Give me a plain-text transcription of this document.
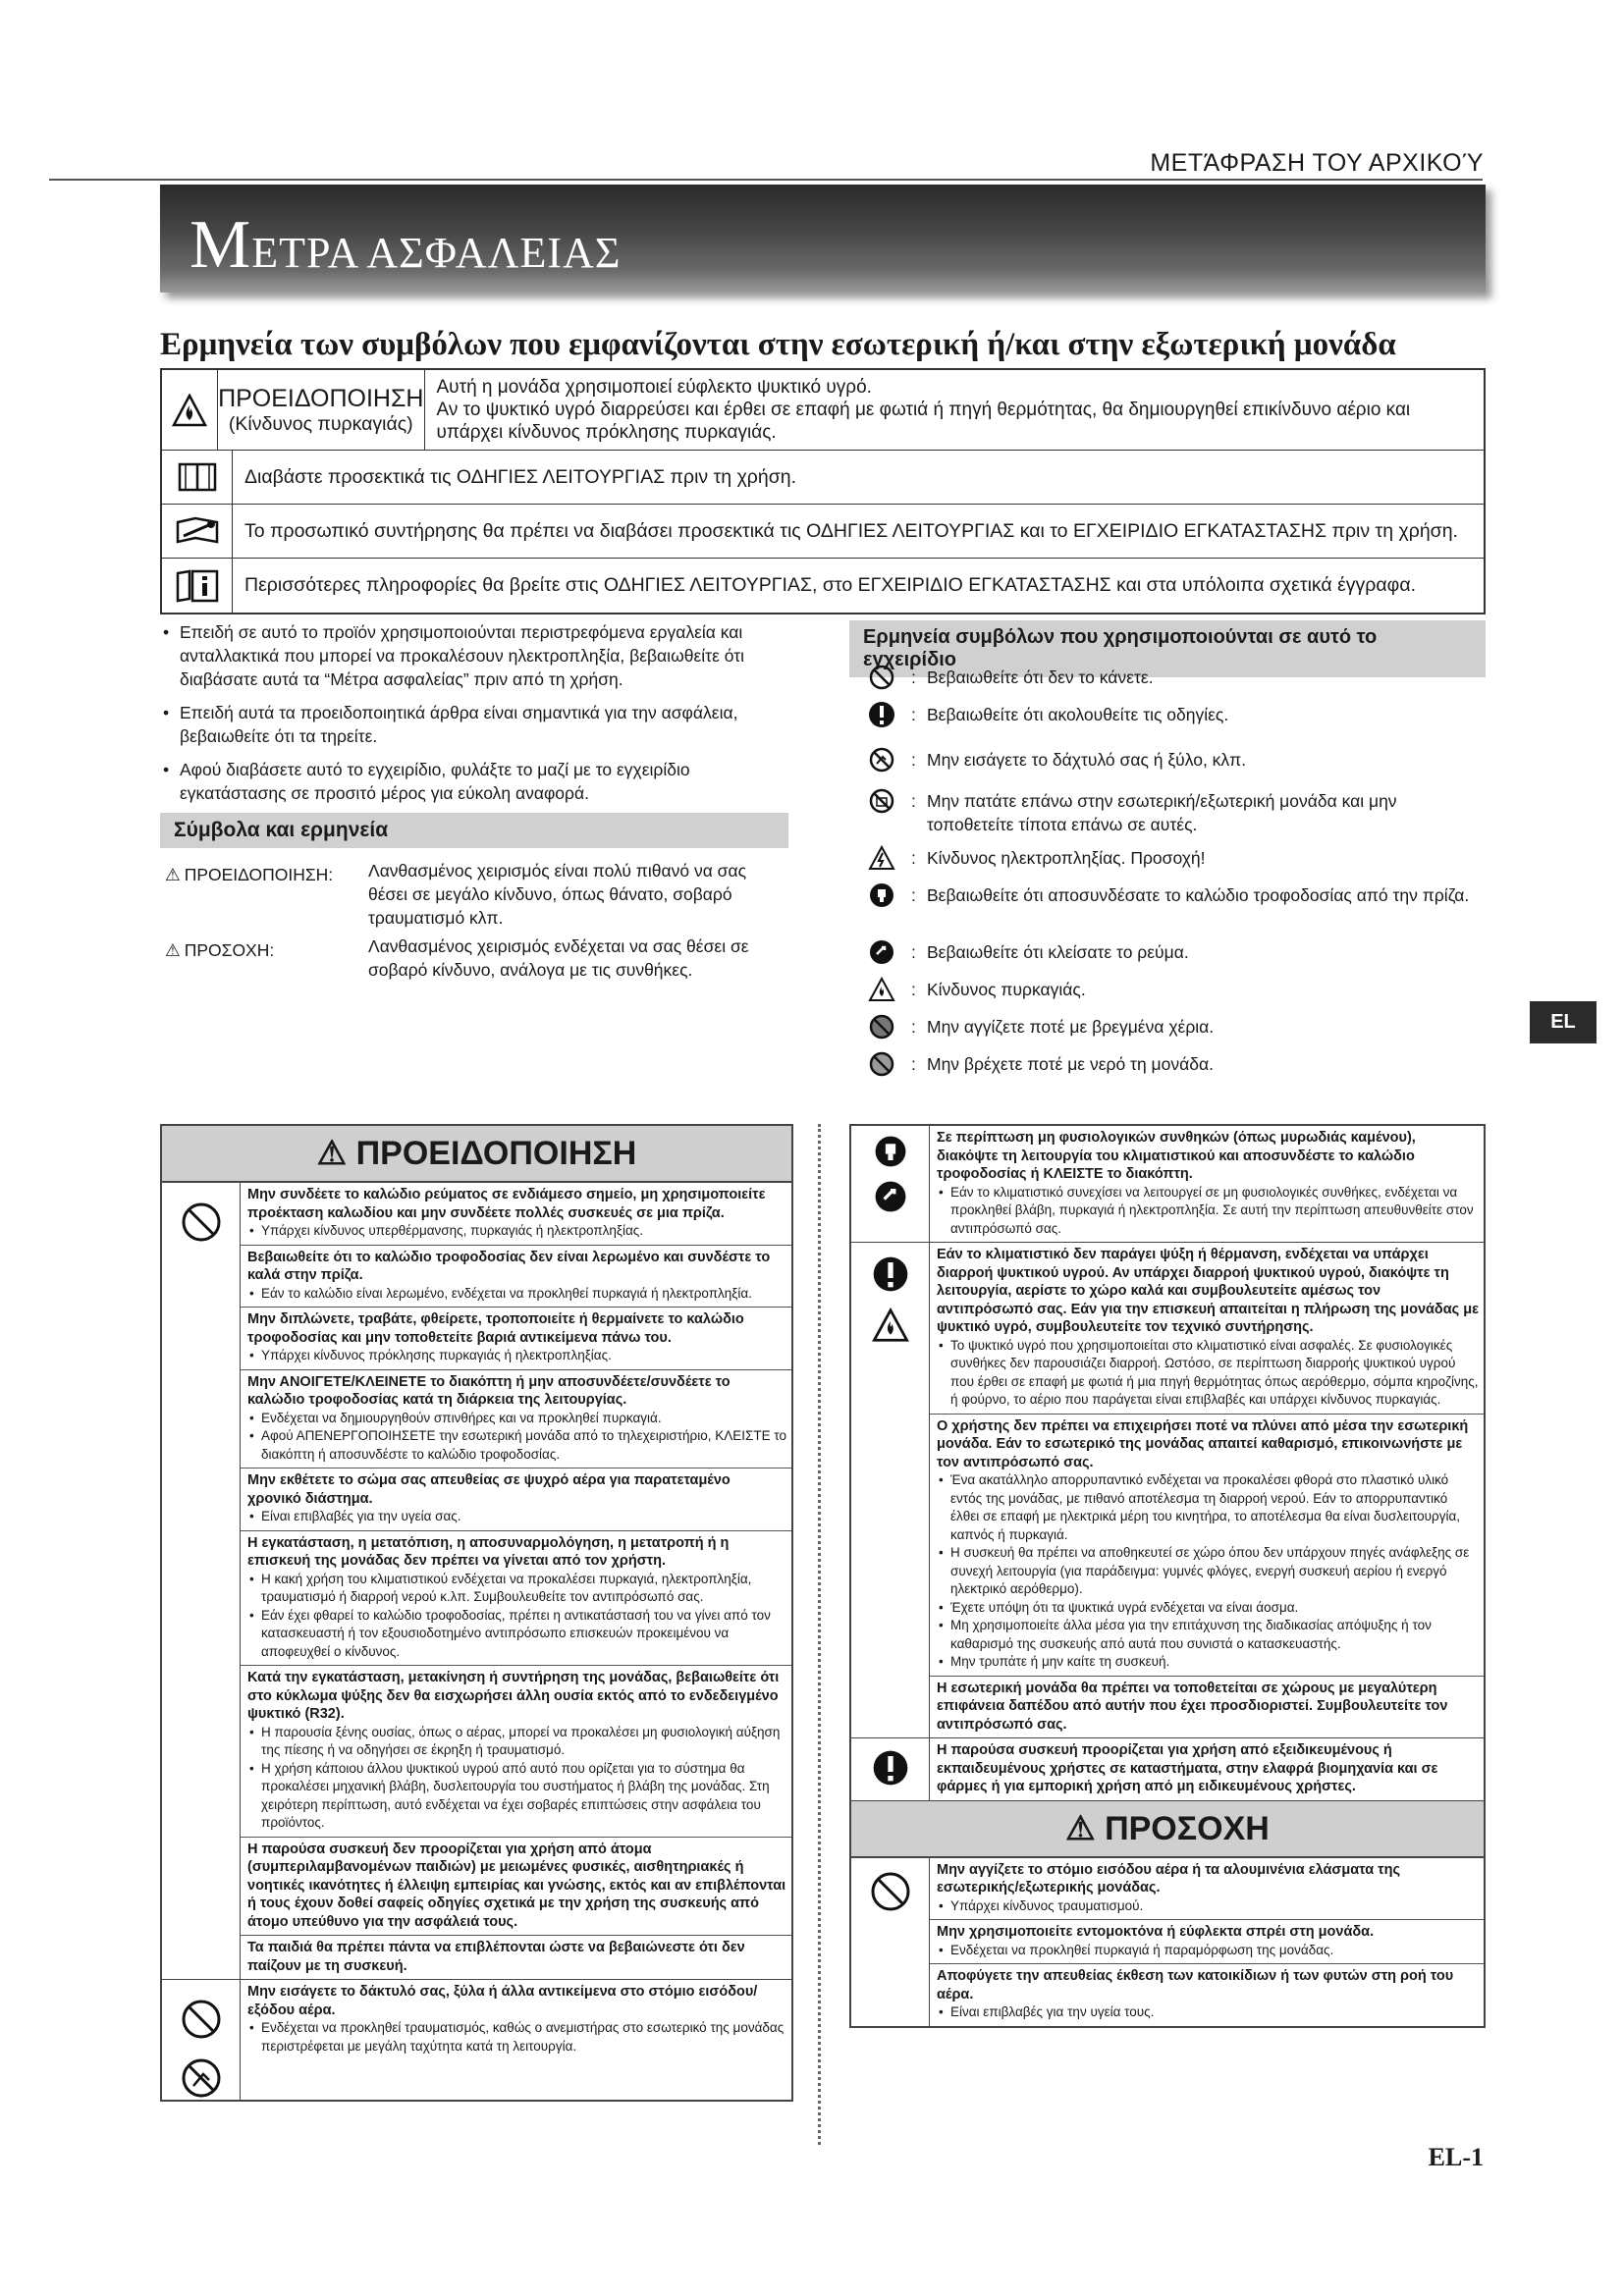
ΜΕΤΆΦΡΑΣΗ ΤΟΥ ΑΡΧΙΚΟΎ
ΜΕΤΡΑ ΑΣΦΑΛΕΙΑΣ
Ερμηνεία των συμβόλων που εμφανίζονται στην εσωτερική ή/και στην εξωτερική μονάδα
ΠΡΟΕΙΔΟΠΟΙΗΣΗ
(Κίνδυνος πυρκαγιάς)
Αυτή η μονάδα χρησιμοποιεί εύφλεκτο ψυκτικό υγρό.
Αν το ψυκτικό υγρό διαρρεύσει και έρθει σε επαφή με φωτιά ή πηγή θερμότητας, θα δημιουργηθεί επικίνδυνο αέριο και υπάρχει κίνδυνος πρόκλησης πυρκαγιάς.
Διαβάστε προσεκτικά τις ΟΔΗΓΙΕΣ ΛΕΙΤΟΥΡΓΙΑΣ πριν τη χρήση.
Το προσωπικό συντήρησης θα πρέπει να διαβάσει προσεκτικά τις ΟΔΗΓΙΕΣ ΛΕΙΤΟΥΡΓΙΑΣ και το ΕΓΧΕΙΡΙΔΙΟ ΕΓΚΑΤΑΣΤΑΣΗΣ πριν τη χρήση.
Περισσότερες πληροφορίες θα βρείτε στις ΟΔΗΓΙΕΣ ΛΕΙΤΟΥΡΓΙΑΣ, στο ΕΓΧΕΙΡΙΔΙΟ ΕΓΚΑΤΑΣΤΑΣΗΣ και στα υπόλοιπα σχετικά έγγραφα.
• Επειδή σε αυτό το προϊόν χρησιμοποιούνται περιστρεφόμενα εργαλεία και ανταλλακτικά που μπορεί να προκαλέσουν ηλεκτροπληξία, βεβαιωθείτε ότι διαβάσατε αυτά τα “Μέτρα ασφαλείας” πριν από τη χρήση.
• Επειδή αυτά τα προειδοποιητικά άρθρα είναι σημαντικά για την ασφάλεια, βεβαιωθείτε ότι τα τηρείτε.
• Αφού διαβάσετε αυτό το εγχειρίδιο, φυλάξτε το μαζί με το εγχειρίδιο εγκατάστασης σε προσιτό μέρος για εύκολη αναφορά.
Σύμβολα και ερμηνεία
⚠ ΠΡΟΕΙΔΟΠΟΙΗΣΗ: Λανθασμένος χειρισμός είναι πολύ πιθανό να σας θέσει σε μεγάλο κίνδυνο, όπως θάνατο, σοβαρό τραυματισμό κλπ.
⚠ ΠΡΟΣΟΧΗ:	Λανθασμένος χειρισμός ενδέχεται να σας θέσει σε σοβαρό κίνδυνο, ανάλογα με τις συνθήκες.
Ερμηνεία συμβόλων που χρησιμοποιούνται σε αυτό το εγχειρίδιο
: Βεβαιωθείτε ότι δεν το κάνετε.
: Βεβαιωθείτε ότι ακολουθείτε τις οδηγίες.
: Μην εισάγετε το δάχτυλό σας ή ξύλο, κλπ.
: Μην πατάτε επάνω στην εσωτερική/εξωτερική μονάδα και μην τοποθετείτε τίποτα επάνω σε αυτές.
: Κίνδυνος ηλεκτροπληξίας. Προσοχή!
: Βεβαιωθείτε ότι αποσυνδέσατε το καλώδιο τροφοδοσίας από την πρίζα.
: Βεβαιωθείτε ότι κλείσατε το ρεύμα.
: Κίνδυνος πυρκαγιάς.
: Μην αγγίζετε ποτέ με βρεγμένα χέρια.
: Μην βρέχετε ποτέ με νερό τη μονάδα.
EL
⚠ ΠΡΟΕΙΔΟΠΟΙΗΣΗ
Μην συνδέετε το καλώδιο ρεύματος σε ενδιάμεσο σημείο, μη χρησιμοποιείτε προέκταση καλωδίου και μην συνδέετε πολλές συσκευές σε μια πρίζα.
• Υπάρχει κίνδυνος υπερθέρμανσης, πυρκαγιάς ή ηλεκτροπληξίας.
Βεβαιωθείτε ότι το καλώδιο τροφοδοσίας δεν είναι λερωμένο και συνδέστε το καλά στην πρίζα.
• Εάν το καλώδιο είναι λερωμένο, ενδέχεται να προκληθεί πυρκαγιά ή ηλεκτροπληξία.
Μην διπλώνετε, τραβάτε, φθείρετε, τροποποιείτε ή θερμαίνετε το καλώδιο τροφοδοσίας και μην τοποθετείτε βαριά αντικείμενα πάνω του.
• Υπάρχει κίνδυνος πρόκλησης πυρκαγιάς ή ηλεκτροπληξίας.
Μην ΑΝΟΙΓΕΤΕ/ΚΛΕΙΝΕΤΕ το διακόπτη ή μην αποσυνδέετε/συνδέετε το καλώδιο τροφοδοσίας κατά τη διάρκεια της λειτουργίας.
• Ενδέχεται να δημιουργηθούν σπινθήρες και να προκληθεί πυρκαγιά.
• Αφού ΑΠΕΝΕΡΓΟΠΟΙΗΣΕΤΕ την εσωτερική μονάδα από το τηλεχειριστήριο, ΚΛΕΙΣΤΕ το διακόπτη ή αποσυνδέστε το καλώδιο τροφοδοσίας.
Μην εκθέτετε το σώμα σας απευθείας σε ψυχρό αέρα για παρατεταμένο χρονικό διάστημα.
• Είναι επιβλαβές για την υγεία σας.
Η εγκατάσταση, η μετατόπιση, η αποσυναρμολόγηση, η μετατροπή ή η επισκευή της μονάδας δεν πρέπει να γίνεται από τον χρήστη.
• Η κακή χρήση του κλιματιστικού ενδέχεται να προκαλέσει πυρκαγιά, ηλεκτροπληξία, τραυματισμό ή διαρροή νερού κ.λπ. Συμβουλευθείτε τον αντιπρόσωπό σας.
• Εάν έχει φθαρεί το καλώδιο τροφοδοσίας, πρέπει η αντικατάστασή του να γίνει από τον κατασκευαστή ή τον εξουσιοδοτημένο αντιπρόσωπο επισκευών προκειμένου να αποφευχθεί ο κίνδυνος.
Κατά την εγκατάσταση, μετακίνηση ή συντήρηση της μονάδας, βεβαιωθείτε ότι στο κύκλωμα ψύξης δεν θα εισχωρήσει άλλη ουσία εκτός από το ενδεδειγμένο ψυκτικό (R32).
• Η παρουσία ξένης ουσίας, όπως ο αέρας, μπορεί να προκαλέσει μη φυσιολογική αύξηση της πίεσης ή να οδηγήσει σε έκρηξη ή τραυματισμό.
• Η χρήση κάποιου άλλου ψυκτικού υγρού από αυτό που ορίζεται για το σύστημα θα προκαλέσει μηχανική βλάβη, δυσλειτουργία του συστήματος ή βλάβη της μονάδας. Στη χειρότερη περίπτωση, αυτό ενδέχεται να έχει σοβαρές επιπτώσεις στην ασφάλεια του προϊόντος.
Η παρούσα συσκευή δεν προορίζεται για χρήση από άτομα (συμπεριλαμβανομένων παιδιών) με μειωμένες φυσικές, αισθητηριακές ή νοητικές ικανότητες ή έλλειψη εμπειρίας και γνώσης, εκτός και αν επιβλέπονται ή τους έχουν δοθεί σαφείς οδηγίες σχετικά με την χρήση της συσκευής από άτομο υπεύθυνο για την ασφάλειά τους.
Τα παιδιά θα πρέπει πάντα να επιβλέπονται ώστε να βεβαιώνεστε ότι δεν παίζουν με τη συσκευή.
Μην εισάγετε το δάκτυλό σας, ξύλα ή άλλα αντικείμενα στο στόμιο εισόδου/εξόδου αέρα.
• Ενδέχεται να προκληθεί τραυματισμός, καθώς ο ανεμιστήρας στο εσωτερικό της μονάδας περιστρέφεται με μεγάλη ταχύτητα κατά τη λειτουργία.
Σε περίπτωση μη φυσιολογικών συνθηκών (όπως μυρωδιάς καμένου), διακόψτε τη λειτουργία του κλιματιστικού και αποσυνδέστε το καλώδιο τροφοδοσίας ή ΚΛΕΙΣΤΕ το διακόπτη.
• Εάν το κλιματιστικό συνεχίσει να λειτουργεί σε μη φυσιολογικές συνθήκες, ενδέχεται να προκληθεί βλάβη, πυρκαγιά ή ηλεκτροπληξία. Σε αυτή την περίπτωση απευθυνθείτε στον αντιπρόσωπό σας.
Εάν το κλιματιστικό δεν παράγει ψύξη ή θέρμανση, ενδέχεται να υπάρχει διαρροή ψυκτικού υγρού. Αν υπάρχει διαρροή ψυκτικού υγρού, διακόψτε τη λειτουργία, αερίστε το χώρο καλά και συμβουλευτείτε αμέσως τον αντιπρόσωπό σας. Εάν για την επισκευή απαιτείται η πλήρωση της μονάδας με ψυκτικό υγρό, συμβουλευτείτε τον τεχνικό συντήρησης.
• Το ψυκτικό υγρό που χρησιμοποιείται στο κλιματιστικό είναι ασφαλές. Σε φυσιολογικές συνθήκες δεν παρουσιάζει διαρροή. Ωστόσο, σε περίπτωση διαρροής ψυκτικού υγρού που έρθει σε επαφή με φωτιά ή μια πηγή θερμότητας όπως αερόθερμο, σόμπα κηροζίνης, ή φούρνο, το αέριο που παράγεται είναι επιβλαβές και υπάρχει κίνδυνος πυρκαγιάς.
Ο χρήστης δεν πρέπει να επιχειρήσει ποτέ να πλύνει από μέσα την εσωτερική μονάδα. Εάν το εσωτερικό της μονάδας απαιτεί καθαρισμό, επικοινωνήστε με τον αντιπρόσωπό σας.
• Ένα ακατάλληλο απορρυπαντικό ενδέχεται να προκαλέσει φθορά στο πλαστικό υλικό εντός της μονάδας, με πιθανό αποτέλεσμα τη διαρροή νερού. Εάν το απορρυπαντικό έλθει σε επαφή με ηλεκτρικά μέρη του κινητήρα, το αποτέλεσμα θα είναι δυσλειτουργία, καπνός ή πυρκαγιά.
• Η συσκευή θα πρέπει να αποθηκευτεί σε χώρο όπου δεν υπάρχουν πηγές ανάφλεξης σε συνεχή λειτουργία (για παράδειγμα: γυμνές φλόγες, ενεργή συσκευή αερίου ή ενεργό ηλεκτρικό αερόθερμο).
• Έχετε υπόψη ότι τα ψυκτικά υγρά ενδέχεται να είναι άοσμα.
• Μη χρησιμοποιείτε άλλα μέσα για την επιτάχυνση της διαδικασίας απόψυξης ή τον καθαρισμό της συσκευής από αυτά που συνιστά ο κατασκευαστής.
• Μην τρυπάτε ή μην καίτε τη συσκευή.
Η εσωτερική μονάδα θα πρέπει να τοποθετείται σε χώρους με μεγαλύτερη επιφάνεια δαπέδου από αυτήν που έχει προσδιοριστεί. Συμβουλευτείτε τον αντιπρόσωπό σας.
Η παρούσα συσκευή προορίζεται για χρήση από εξειδικευμένους ή εκπαιδευμένους χρήστες σε καταστήματα, στην ελαφρά βιομηχανία και σε φάρμες ή για εμπορική χρήση από μη ειδικευμένους χρήστες.
⚠ ΠΡΟΣΟΧΗ
Μην αγγίζετε το στόμιο εισόδου αέρα ή τα αλουμινένια ελάσματα της εσωτερικής/εξωτερικής μονάδας.
• Υπάρχει κίνδυνος τραυματισμού.
Μην χρησιμοποιείτε εντομοκτόνα ή εύφλεκτα σπρέι στη μονάδα.
• Ενδέχεται να προκληθεί πυρκαγιά ή παραμόρφωση της μονάδας.
Αποφύγετε την απευθείας έκθεση των κατοικίδιων ή των φυτών στη ροή του αέρα.
• Είναι επιβλαβές για την υγεία τους.
EL-1
